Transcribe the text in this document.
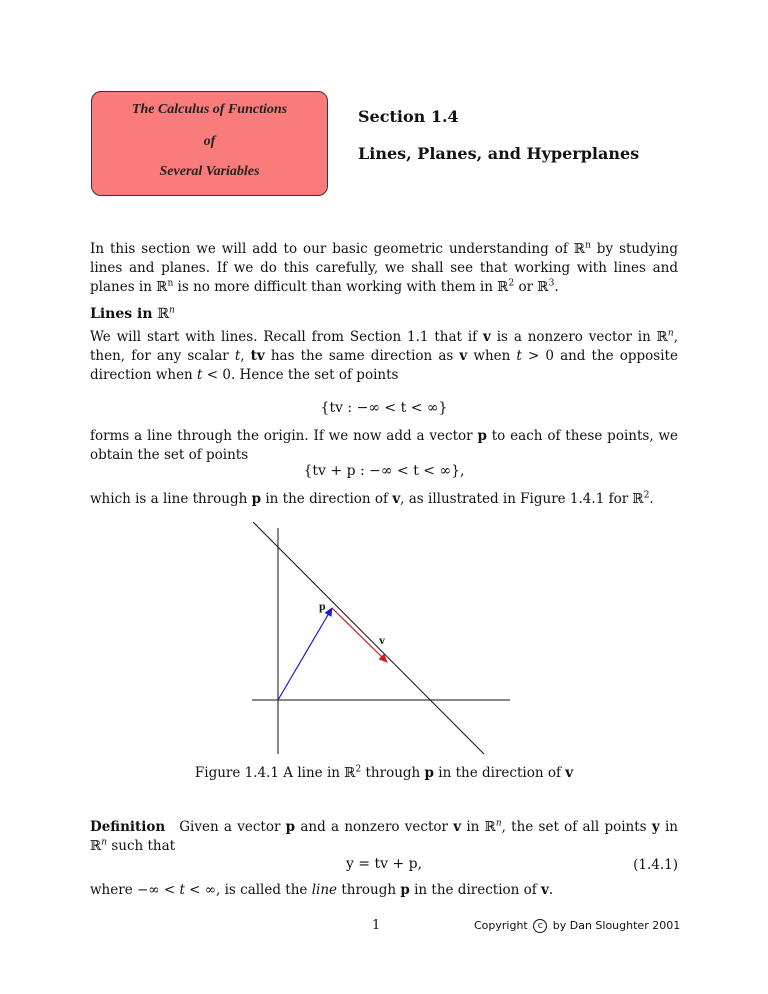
The Calculus of Functions
of
Several Variables
Section 1.4
Lines, Planes, and Hyperplanes
In this section we will add to our basic geometric understanding of ℝ$^n$ by studying lines and planes. If we do this carefully, we shall see that working with lines and planes in ℝ$^n$ is no more difficult than working with them in ℝ$^2$ or ℝ$^3$.
Lines in ℝ$^n$
We will start with lines. Recall from Section 1.1 that if v is a nonzero vector in ℝ$^n$, then, for any scalar t, tv has the same direction as v when t > 0 and the opposite direction when t < 0. Hence the set of points
{tv : −∞ < t < ∞}
forms a line through the origin. If we now add a vector p to each of these points, we obtain the set of points
{tv + p : −∞ < t < ∞},
which is a line through p in the direction of v, as illustrated in Figure 1.4.1 for ℝ$^2$.
p
v
Figure 1.4.1 A line in ℝ$^2$ through p in the direction of v
Definition Given a vector p and a nonzero vector v in ℝ$^n$, the set of all points y in ℝ$^n$ such that
y = tv + p,	(1.4.1)
where −∞ < t < ∞, is called the line through p in the direction of v.
1	Copyright c by Dan Sloughter 2001
